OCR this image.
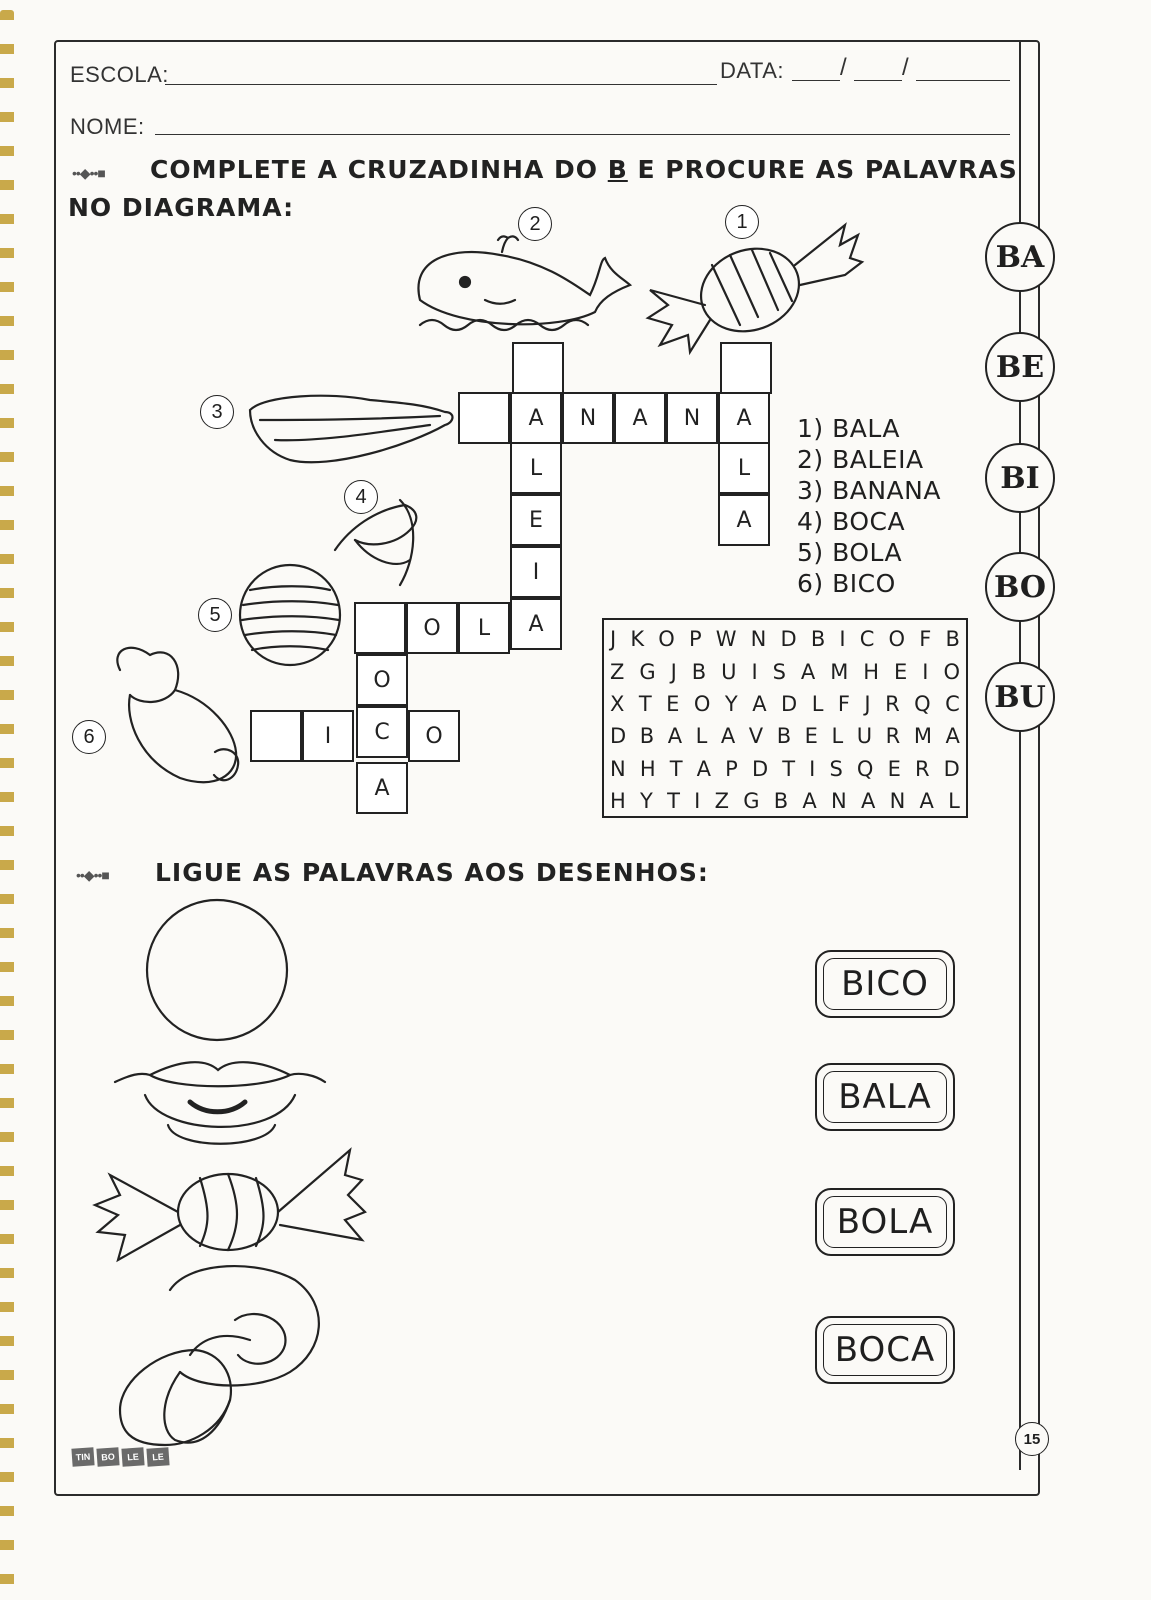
ESCOLA:	DATA: / /
NOME:
••◆••■ COMPLETE A CRUZADINHA DO B E PROCURE AS PALAVRAS
NO DIAGRAMA:	1
2
3
4
5
6
A	N	A	N	A
L
E
I
A
L
A
O	L
O
C
A
I	O
1) BALA
2) BALEIA
3) BANANA
4) BOCA
5) BOLA
6) BICO
J K O P W N D B I C O F B
Z G J B U I S A M H E I O
X T E O Y A D L F J R Q C
D B A L A V B E L U R M A
N H T A P D T I S Q E R D
H Y T I Z G B A N A N A L
BA
BE
BI
BO
BU
••◆••■ LIGUE AS PALAVRAS AOS DESENHOS:
BICO
BALA
BOLA
BOCA
15
TIN	BO	LE	LE
